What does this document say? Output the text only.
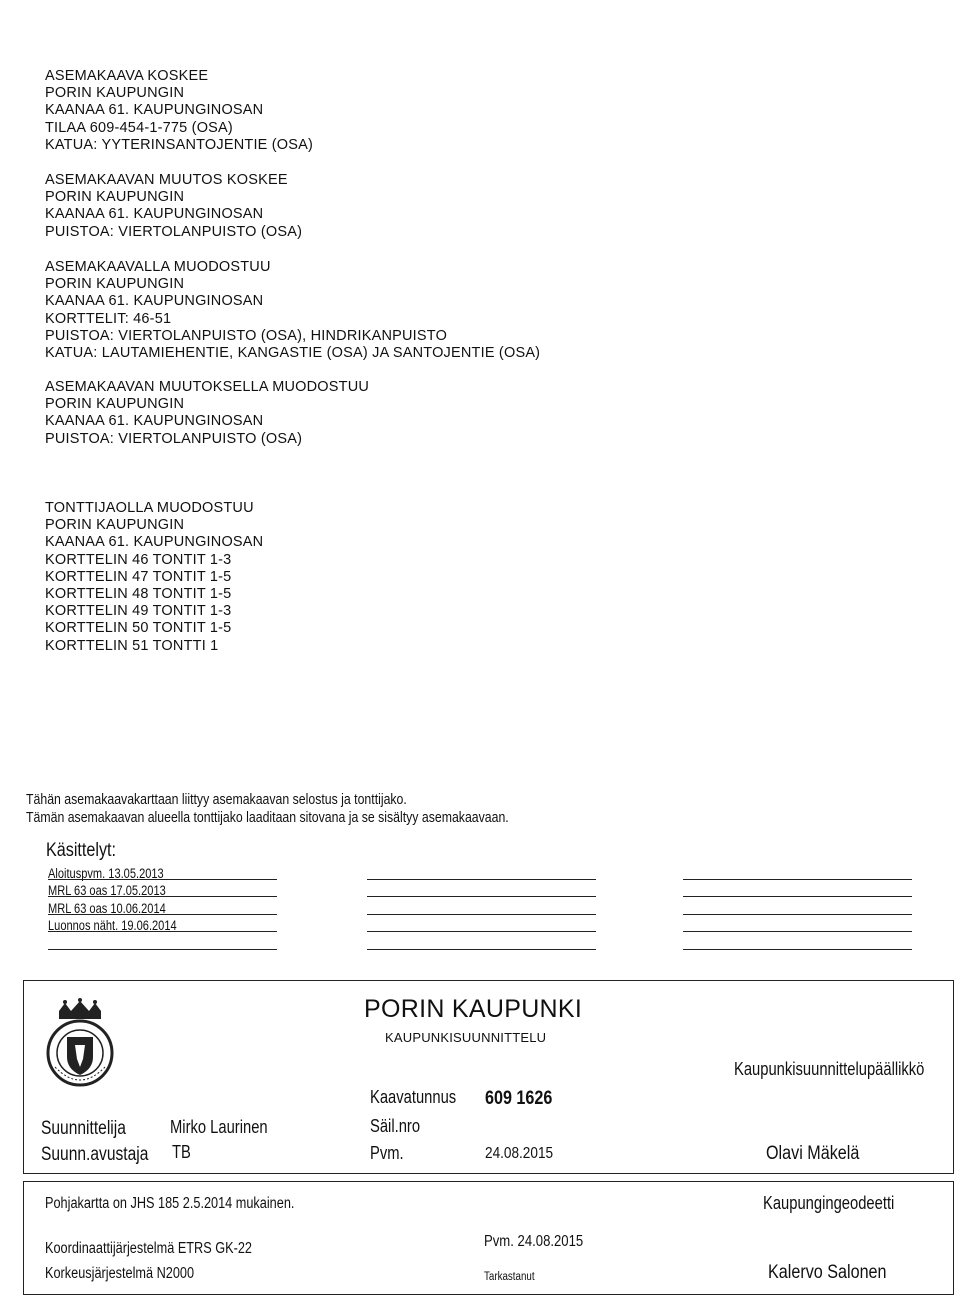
ASEMAKAAVA KOSKEE
PORIN KAUPUNGIN
KAANAA 61. KAUPUNGINOSAN
TILAA 609-454-1-775 (OSA)
KATUA: YYTERINSANTOJENTIE (OSA)
ASEMAKAAVAN MUUTOS KOSKEE
PORIN KAUPUNGIN
KAANAA 61. KAUPUNGINOSAN
PUISTOA: VIERTOLANPUISTO (OSA)
ASEMAKAAVALLA MUODOSTUU
PORIN KAUPUNGIN
KAANAA 61. KAUPUNGINOSAN
KORTTELIT: 46-51
PUISTOA: VIERTOLANPUISTO (OSA), HINDRIKANPUISTO
KATUA: LAUTAMIEHENTIE, KANGASTIE (OSA) JA SANTOJENTIE (OSA)
ASEMAKAAVAN MUUTOKSELLA MUODOSTUU
PORIN KAUPUNGIN
KAANAA 61. KAUPUNGINOSAN
PUISTOA: VIERTOLANPUISTO (OSA)
TONTTIJAOLLA MUODOSTUU
PORIN KAUPUNGIN
KAANAA 61. KAUPUNGINOSAN
KORTTELIN 46 TONTIT 1-3
KORTTELIN 47 TONTIT 1-5
KORTTELIN 48 TONTIT 1-5
KORTTELIN 49 TONTIT 1-3
KORTTELIN 50 TONTIT 1-5
KORTTELIN 51 TONTTI 1
Tähän asemakaavakarttaan liittyy asemakaavan selostus ja tonttijako.
Tämän asemakaavan alueella tonttijako laaditaan sitovana ja se sisältyy asemakaavaan.
Käsittelyt:
Aloituspvm. 13.05.2013
MRL 63 oas 17.05.2013
MRL 63 oas 10.06.2014
Luonnos näht. 19.06.2014
PORIN KAUPUNKI
KAUPUNKISUUNNITTELU
Kaupunkisuunnittelupäällikkö
Kaavatunnus 609 1626
Säil.nro
Suunnittelija Mirko Laurinen
Suunn.avustaja TB	Pvm.	24.08.2015	Olavi Mäkelä
Pohjakartta on JHS 185 2.5.2014 mukainen.
Koordinaattijärjestelmä ETRS GK-22
Korkeusjärjestelmä N2000
Pvm. 24.08.2015
Tarkastanut
Kaupungingeodeetti
Kalervo Salonen
